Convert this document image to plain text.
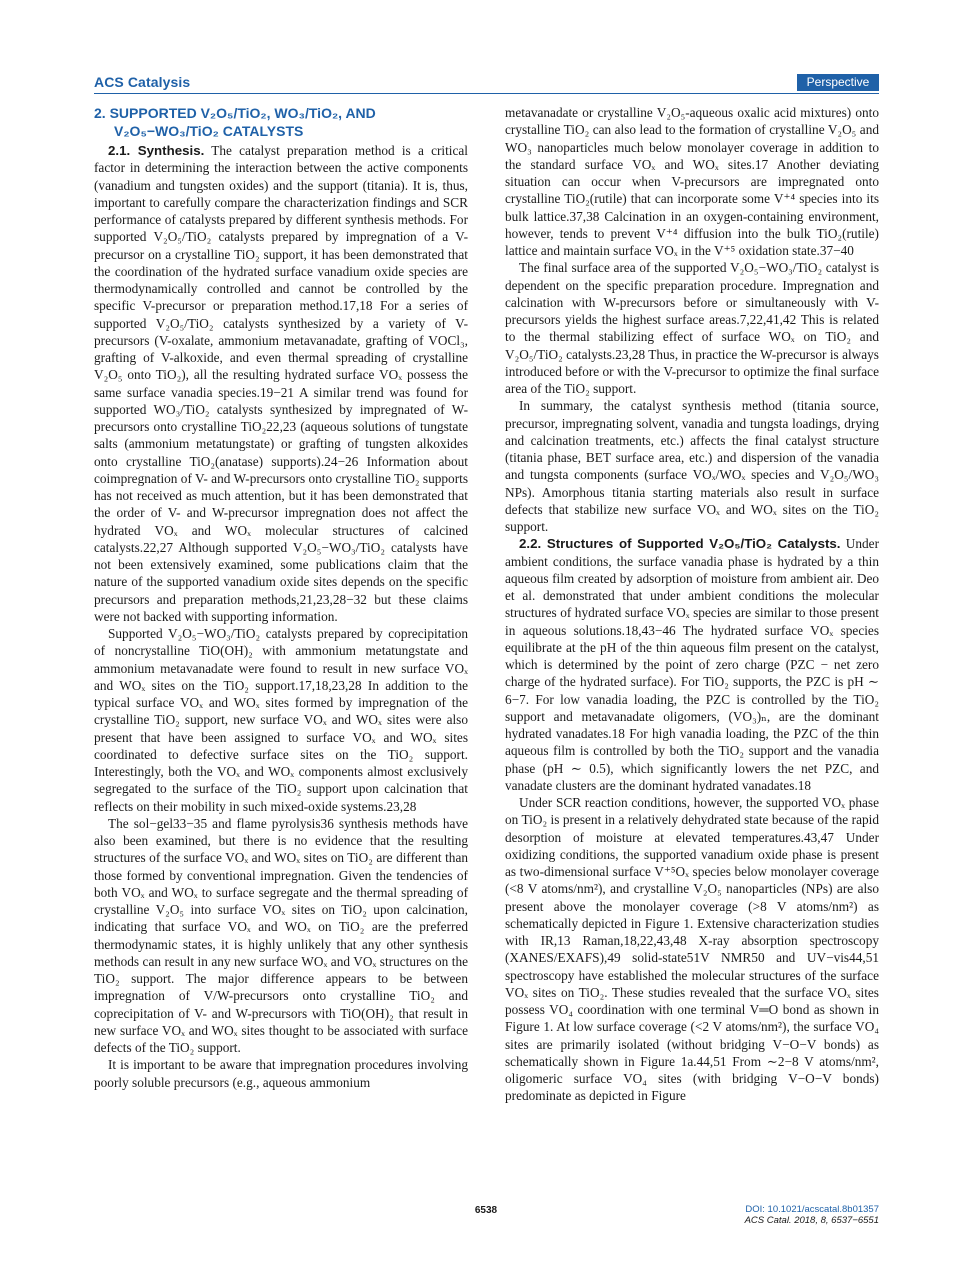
ACS Catalysis	Perspective
2. SUPPORTED V₂O₅/TiO₂, WO₃/TiO₂, AND
V₂O₅−WO₃/TiO₂ CATALYSTS

2.1. Synthesis. The catalyst preparation method is a critical factor in determining the interaction between the active components (vanadium and tungsten oxides) and the support (titania). It is, thus, important to carefully compare the characterization findings and SCR performance of catalysts prepared by different synthesis methods. For supported V₂O₅/TiO₂ catalysts prepared by impregnation of a V-precursor on a crystalline TiO₂ support, it has been demonstrated that the coordination of the hydrated surface vanadium oxide species are thermodynamically controlled and cannot be controlled by the specific V-precursor or preparation method.17,18 For a series of supported V₂O₅/TiO₂ catalysts synthesized by a variety of V-precursors (V-oxalate, ammonium metavanadate, grafting of VOCl₃, grafting of V-alkoxide, and even thermal spreading of crystalline V₂O₅ onto TiO₂), all the resulting hydrated surface VOₓ possess the same surface vanadia species.19−21 A similar trend was found for supported WO₃/TiO₂ catalysts synthesized by impregnated of W-precursors onto crystalline TiO₂22,23 (aqueous solutions of tungstate salts (ammonium metatungstate) or grafting of tungsten alkoxides onto crystalline TiO₂(anatase) supports).24−26 Information about coimpregnation of V- and W-precursors onto crystalline TiO₂ supports has not received as much attention, but it has been demonstrated that the order of V- and W-precursor impregnation does not affect the hydrated VOₓ and WOₓ molecular structures of calcined catalysts.22,27 Although supported V₂O₅−WO₃/TiO₂ catalysts have not been extensively examined, some publications claim that the nature of the supported vanadium oxide sites depends on the specific precursors and preparation methods,21,23,28−32 but these claims were not backed with supporting information.

Supported V₂O₅−WO₃/TiO₂ catalysts prepared by coprecipitation of noncrystalline TiO(OH)₂ with ammonium metatungstate and ammonium metavanadate were found to result in new surface VOₓ and WOₓ sites on the TiO₂ support.17,18,23,28 In addition to the typical surface VOₓ and WOₓ sites formed by impregnation of the crystalline TiO₂ support, new surface VOₓ and WOₓ sites were also present that have been assigned to surface VOₓ and WOₓ sites coordinated to defective surface sites on the TiO₂ support. Interestingly, both the VOₓ and WOₓ components almost exclusively segregated to the surface of the TiO₂ support upon calcination that reflects on their mobility in such mixed-oxide systems.23,28

The sol−gel33−35 and flame pyrolysis36 synthesis methods have also been examined, but there is no evidence that the resulting structures of the surface VOₓ and WOₓ sites on TiO₂ are different than those formed by conventional impregnation. Given the tendencies of both VOₓ and WOₓ to surface segregate and the thermal spreading of crystalline V₂O₅ into surface VOₓ sites on TiO₂ upon calcination, indicating that surface VOₓ and WOₓ on TiO₂ are the preferred thermodynamic states, it is highly unlikely that any other synthesis methods can result in any new surface WOₓ and VOₓ structures on the TiO₂ support. The major difference appears to be between impregnation of V/W-precursors onto crystalline TiO₂ and coprecipitation of V- and W-precursors with TiO(OH)₂ that result in new surface VOₓ and WOₓ sites thought to be associated with surface defects of the TiO₂ support.

It is important to be aware that impregnation procedures involving poorly soluble precursors (e.g., aqueous ammonium

metavanadate or crystalline V₂O₅-aqueous oxalic acid mixtures) onto crystalline TiO₂ can also lead to the formation of crystalline V₂O₅ and WO₃ nanoparticles much below monolayer coverage in addition to the standard surface VOₓ and WOₓ sites.17 Another deviating situation can occur when V-precursors are impregnated onto crystalline TiO₂(rutile) that can incorporate some V⁺⁴ species into its bulk lattice.37,38 Calcination in an oxygen-containing environment, however, tends to prevent V⁺⁴ diffusion into the bulk TiO₂(rutile) lattice and maintain surface VOₓ in the V⁺⁵ oxidation state.37−40

The final surface area of the supported V₂O₅−WO₃/TiO₂ catalyst is dependent on the specific preparation procedure. Impregnation and calcination with W-precursors before or simultaneously with V-precursors yields the highest surface areas.7,22,41,42 This is related to the thermal stabilizing effect of surface WOₓ on TiO₂ and V₂O₅/TiO₂ catalysts.23,28 Thus, in practice the W-precursor is always introduced before or with the V-precursor to optimize the final surface area of the TiO₂ support.

In summary, the catalyst synthesis method (titania source, precursor, impregnating solvent, vanadia and tungsta loadings, drying and calcination treatments, etc.) affects the final catalyst structure (titania phase, BET surface area, etc.) and dispersion of the vanadia and tungsta components (surface VOₓ/WOₓ species and V₂O₅/WO₃ NPs). Amorphous titania starting materials also result in surface defects that stabilize new surface VOₓ and WOₓ sites on the TiO₂ support.

2.2. Structures of Supported V₂O₅/TiO₂ Catalysts. Under ambient conditions, the surface vanadia phase is hydrated by a thin aqueous film created by adsorption of moisture from ambient air. Deo et al. demonstrated that under ambient conditions the molecular structures of hydrated surface VOₓ species are similar to those present in aqueous solutions.18,43−46 The hydrated surface VOₓ species equilibrate at the pH of the thin aqueous film present on the catalyst, which is determined by the point of zero charge (PZC − net zero charge of the hydrated surface). For TiO₂ supports, the PZC is pH ∼ 6−7. For low vanadia loading, the PZC is controlled by the TiO₂ support and metavanadate oligomers, (VO₃)ₙ, are the dominant hydrated vanadates.18 For high vanadia loading, the PZC of the thin aqueous film is controlled by both the TiO₂ support and the vanadia phase (pH ∼ 0.5), which significantly lowers the net PZC, and vanadate clusters are the dominant hydrated vanadates.18

Under SCR reaction conditions, however, the supported VOₓ phase on TiO₂ is present in a relatively dehydrated state because of the rapid desorption of moisture at elevated temperatures.43,47 Under oxidizing conditions, the supported vanadium oxide phase is present as two-dimensional surface V⁺⁵Oₓ species below monolayer coverage (<8 V atoms/nm²), and crystalline V₂O₅ nanoparticles (NPs) are also present above the monolayer coverage (>8 V atoms/nm²) as schematically depicted in Figure 1. Extensive characterization studies with IR,13 Raman,18,22,43,48 X-ray absorption spectroscopy (XANES/EXAFS),49 solid-state51V NMR50 and UV−vis44,51 spectroscopy have established the molecular structures of the surface VOₓ sites on TiO₂. These studies revealed that the surface VOₓ sites possess VO₄ coordination with one terminal V═O bond as shown in Figure 1. At low surface coverage (<2 V atoms/nm²), the surface VO₄ sites are primarily isolated (without bridging V−O−V bonds) as schematically shown in Figure 1a.44,51 From ∼2−8 V atoms/nm², oligomeric surface VO₄ sites (with bridging V−O−V bonds) predominate as depicted in Figure

6538	DOI: 10.1021/acscatal.8b01357
ACS Catal. 2018, 8, 6537−6551
